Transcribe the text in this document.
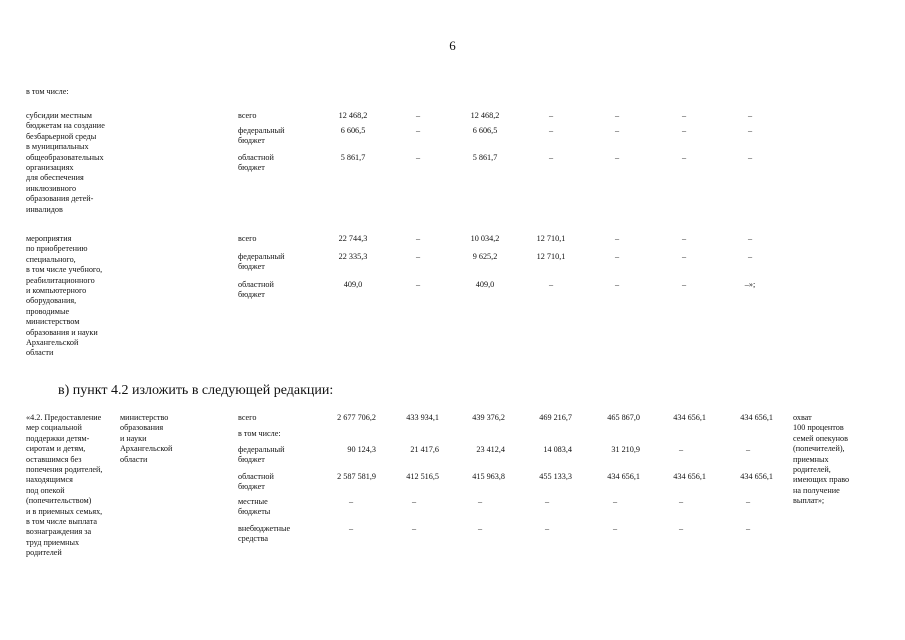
6
в том числе:
в) пункт 4.2 изложить в следующей редакции:
субсидии местным
бюджетам на создание
безбарьерной среды
в муниципальных
общеобразовательных
организациях
для обеспечения
инклюзивного
образования детей-
инвалидов
всего	12 468,2	–	12 468,2	–	–	–	–
федеральный
бюджет
6 606,5	–	6 606,5	–	–	–	–
областной
бюджет
5 861,7	–	5 861,7	–	–	–	–
мероприятия
по приобретению
специального,
в том числе учебного,
реабилитационного
и компьютерного
оборудования,
проводимые
министерством
образования и науки
Архангельской
области
всего	22 744,3	–	10 034,2	12 710,1	–	–	–
федеральный
бюджет
22 335,3	–	9 625,2	12 710,1	–	–	–
областной
бюджет
409,0	–	409,0	–	–	–	–»;
«4.2. Предоставление
мер социальной
поддержки детям-
сиротам и детям,
оставшимся без
попечения родителей,
находящимся
под опекой
(попечительством)
и в приемных семьях,
в том числе выплата
вознаграждения за
труд приемных
родителей
министерство
образования
и науки
Архангельской
области
охват
100 процентов
семей опекунов
(попечителей),
приемных
родителей,
имеющих право
на получение
выплат»;
всего	2 677 706,2	433 934,1	439 376,2	469 216,7	465 867,0	434 656,1	434 656,1
в том числе:
федеральный
бюджет
90 124,3	21 417,6	23 412,4	14 083,4	31 210,9	–	–
областной
бюджет
2 587 581,9	412 516,5	415 963,8	455 133,3	434 656,1	434 656,1	434 656,1
местные
бюджеты
–	–	–	–	–	–	–
внебюджетные
средства
–	–	–	–	–	–	–
